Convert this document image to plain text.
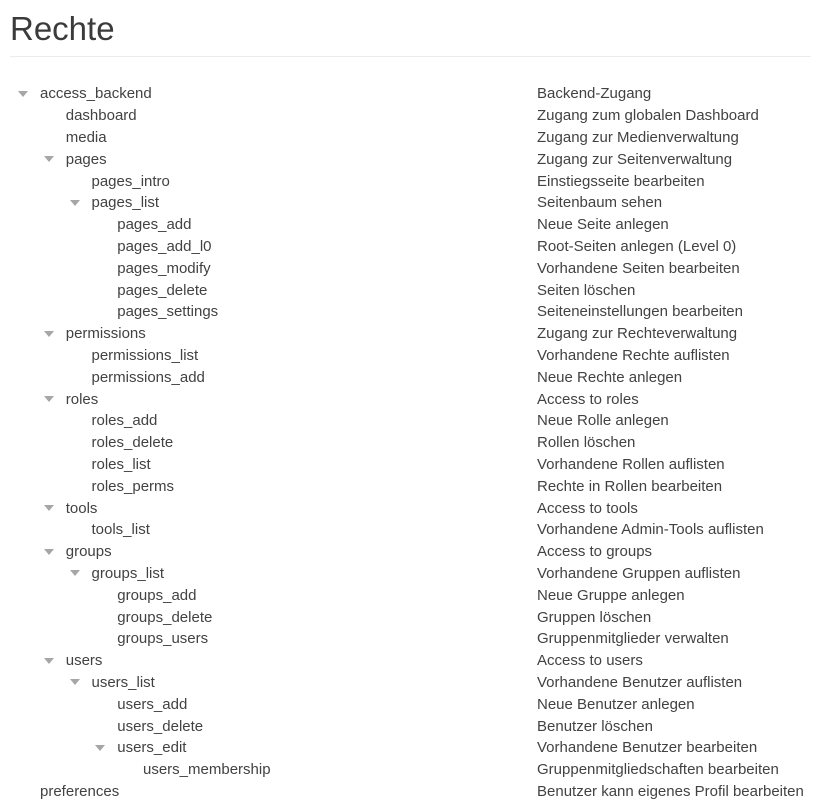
Rechte
access_backend	Backend-Zugang
dashboard	Zugang zum globalen Dashboard
media	Zugang zur Medienverwaltung
pages	Zugang zur Seitenverwaltung
pages_intro	Einstiegsseite bearbeiten
pages_list	Seitenbaum sehen
pages_add	Neue Seite anlegen
pages_add_l0	Root-Seiten anlegen (Level 0)
pages_modify	Vorhandene Seiten bearbeiten
pages_delete	Seiten löschen
pages_settings	Seiteneinstellungen bearbeiten
permissions	Zugang zur Rechteverwaltung
permissions_list	Vorhandene Rechte auflisten
permissions_add	Neue Rechte anlegen
roles	Access to roles
roles_add	Neue Rolle anlegen
roles_delete	Rollen löschen
roles_list	Vorhandene Rollen auflisten
roles_perms	Rechte in Rollen bearbeiten
tools	Access to tools
tools_list	Vorhandene Admin-Tools auflisten
groups	Access to groups
groups_list	Vorhandene Gruppen auflisten
groups_add	Neue Gruppe anlegen
groups_delete	Gruppen löschen
groups_users	Gruppenmitglieder verwalten
users	Access to users
users_list	Vorhandene Benutzer auflisten
users_add	Neue Benutzer anlegen
users_delete	Benutzer löschen
users_edit	Vorhandene Benutzer bearbeiten
users_membership	Gruppenmitgliedschaften bearbeiten
preferences	Benutzer kann eigenes Profil bearbeiten
